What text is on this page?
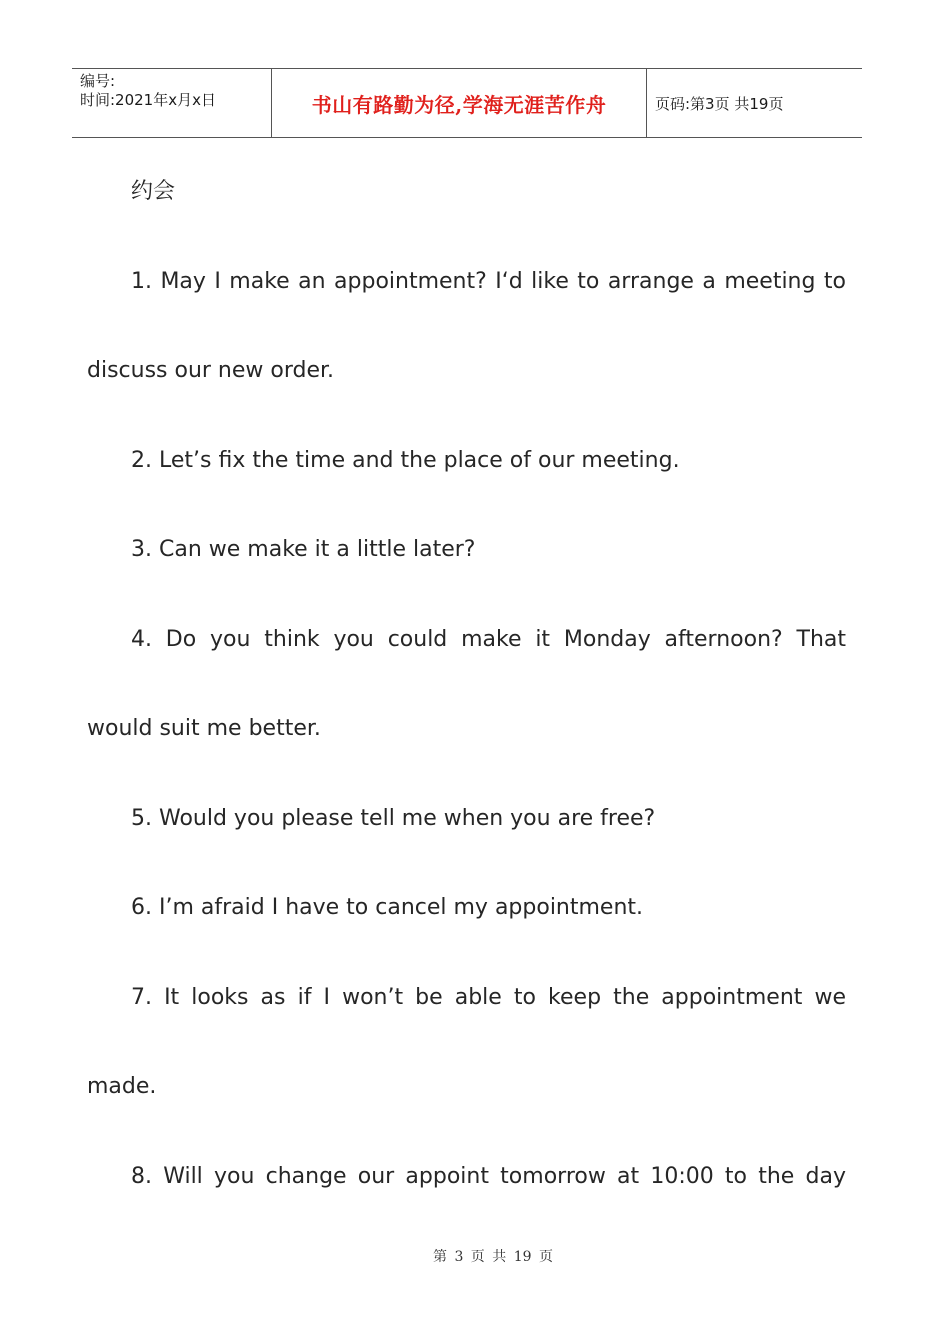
编号:
时间:2021年x月x日	书山有路勤为径,学海无涯苦作舟	页码:第3页 共19页

约会

1. May I make an appointment? I‘d like to arrange a meeting to

discuss our new order.

2. Let’s fix the time and the place of our meeting.

3. Can we make it a little later?

4. Do you think you could make it Monday afternoon? That

would suit me better.

5. Would you please tell me when you are free?

6. I’m afraid I have to cancel my appointment.

7. It looks as if I won’t be able to keep the appointment we

made.

8. Will you change our appoint tomorrow at 10:00 to the day

第 3 页 共 19 页
